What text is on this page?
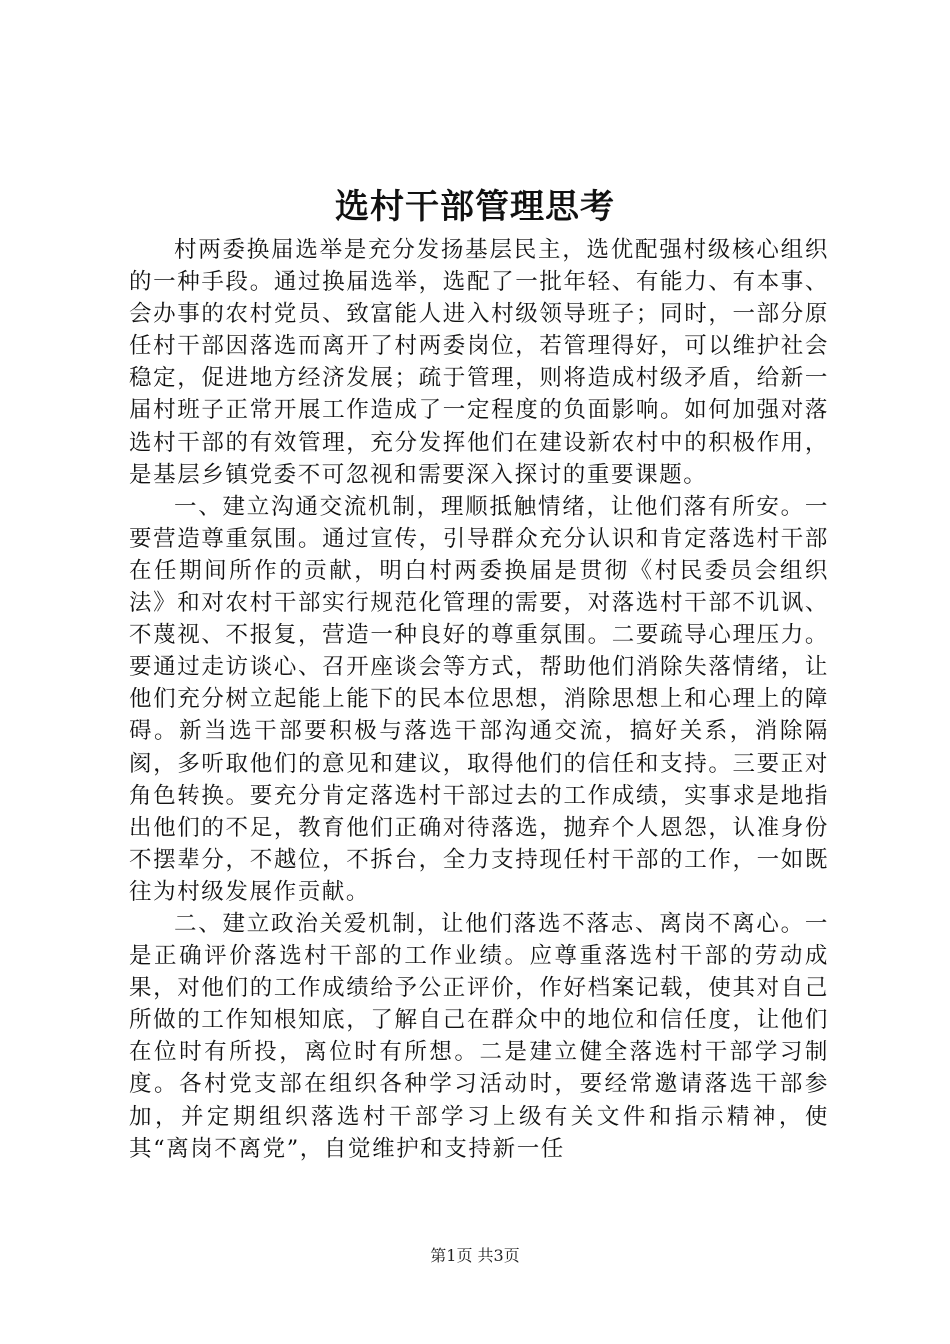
选村干部管理思考

村两委换届选举是充分发扬基层民主，选优配强村级核心组织的一种手段。通过换届选举，选配了一批年轻、有能力、有本事、会办事的农村党员、致富能人进入村级领导班子；同时，一部分原任村干部因落选而离开了村两委岗位，若管理得好，可以维护社会稳定，促进地方经济发展；疏于管理，则将造成村级矛盾，给新一届村班子正常开展工作造成了一定程度的负面影响。如何加强对落选村干部的有效管理，充分发挥他们在建设新农村中的积极作用，是基层乡镇党委不可忽视和需要深入探讨的重要课题。

一、建立沟通交流机制，理顺抵触情绪，让他们落有所安。一要营造尊重氛围。通过宣传，引导群众充分认识和肯定落选村干部在任期间所作的贡献，明白村两委换届是贯彻《村民委员会组织法》和对农村干部实行规范化管理的需要，对落选村干部不讥讽、不蔑视、不报复，营造一种良好的尊重氛围。二要疏导心理压力。要通过走访谈心、召开座谈会等方式，帮助他们消除失落情绪，让他们充分树立起能上能下的民本位思想，消除思想上和心理上的障碍。新当选干部要积极与落选干部沟通交流，搞好关系，消除隔阂，多听取他们的意见和建议，取得他们的信任和支持。三要正对角色转换。要充分肯定落选村干部过去的工作成绩，实事求是地指出他们的不足，教育他们正确对待落选，抛弃个人恩怨，认准身份不摆辈分，不越位，不拆台，全力支持现任村干部的工作，一如既往为村级发展作贡献。

二、建立政治关爱机制，让他们落选不落志、离岗不离心。一是正确评价落选村干部的工作业绩。应尊重落选村干部的劳动成果，对他们的工作成绩给予公正评价，作好档案记载，使其对自己所做的工作知根知底，了解自己在群众中的地位和信任度，让他们在位时有所投，离位时有所想。二是建立健全落选村干部学习制度。各村党支部在组织各种学习活动时，要经常邀请落选干部参加，并定期组织落选村干部学习上级有关文件和指示精神，使其“离岗不离党”，自觉维护和支持新一任

第1页 共3页
